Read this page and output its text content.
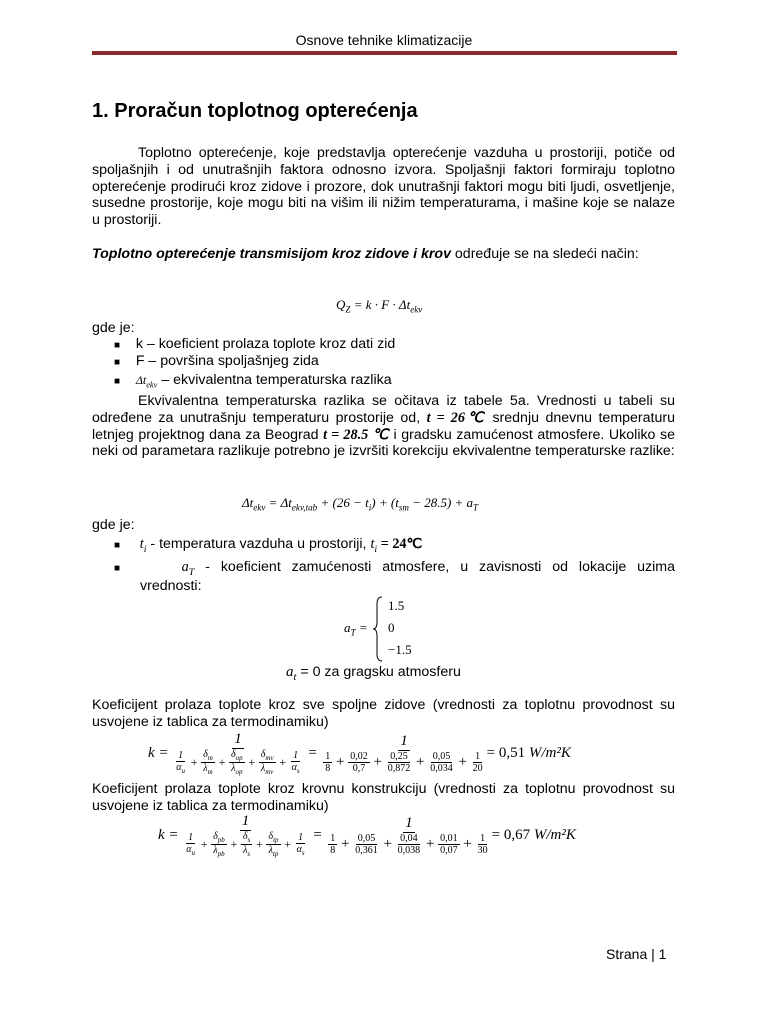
Osnove tehnike klimatizacije
1. Proračun toplotnog opterećenja
Toplotno opterećenje, koje predstavlja opterećenje vazduha u prostoriji, potiče od spoljašnjih i od unutrašnjih faktora odnosno izvora. Spoljašnji faktori formiraju toplotno opterećenje prodirući kroz zidove i prozore, dok unutrašnji faktori mogu biti ljudi, osvetljenje, susedne prostorije, koje mogu biti na višim ili nižim temperaturama, i mašine koje se nalaze u prostoriji.
Toplotno opterećenje transmisijom kroz zidove i krov određuje se na sledeći način:
$Q_Z = k \cdot F \cdot \Delta t_{ekv}$
gde je:
■ k – koeficient prolaza toplote kroz dati zid
■ F – površina spoljašnjeg zida
■ $\Delta t_{ekv}$ – ekvivalentna temperaturska razlika
Ekvivalentna temperaturska razlika se očitava iz tabele 5a. Vrednosti u tabeli su određene za unutrašnju temperaturu prostorije od, t = 26℃ srednju dnevnu temperaturu letnjeg projektnog dana za Beograd t = 28.5 ℃ i gradsku zamućenost atmosfere. Ukoliko se neki od parametara razlikuje potrebno je izvršiti korekciju ekvivalentne temperaturske razlike:
$\Delta t_{ekv} = \Delta t_{ekv,tab} + (26 - t_i) + (t_{sm} - 28.5) + a_T$
gde je:
■ $t_i$ - temperatura vazduha u prostoriji, $t_i$ = 24℃
■	$a_T$ - koeficient zamućenosti atmosfere, u zavisnosti od lokacije uzima
vrednosti:
$a_T$ =
1.5
0
−1.5
$a_t = 0$ za gragsku atmosferu
Koeficijent prolaza toplote kroz sve spoljne zidove (vrednosti za toplotnu provodnost su usvojene iz tablica za termodinamiku)
k =
1
$\frac{1}{\alpha_u} + \frac{\delta_m}{\lambda_m} + \frac{\delta_{op}}{\lambda_{op}} + \frac{\delta_{mv}}{\lambda_{mv}} + \frac{1}{\alpha_s}$ =
1
$\frac{1}{8} + \frac{0,02}{0,7} + \frac{0,25}{0,872} + \frac{0,05}{0,034} + \frac{1}{20} = 0,51$
W/m²K
Koeficijent prolaza toplote kroz krovnu konstrukciju (vrednosti za toplotnu provodnost su usvojene iz tablica za termodinamiku)
k =
1
$\frac{1}{\alpha_u} + \frac{\delta_{pb}}{\lambda_{pb}} + \frac{\delta_s}{\lambda_s} + \frac{\delta_{tp}}{\lambda_{tp}} + \frac{1}{\alpha_s}$ =
1
$\frac{1}{8} + \frac{0,05}{0,361} + \frac{0,04}{0,038} + \frac{0,01}{0,07} + \frac{1}{30} = 0,67$
W/m²K
Strana | 1
